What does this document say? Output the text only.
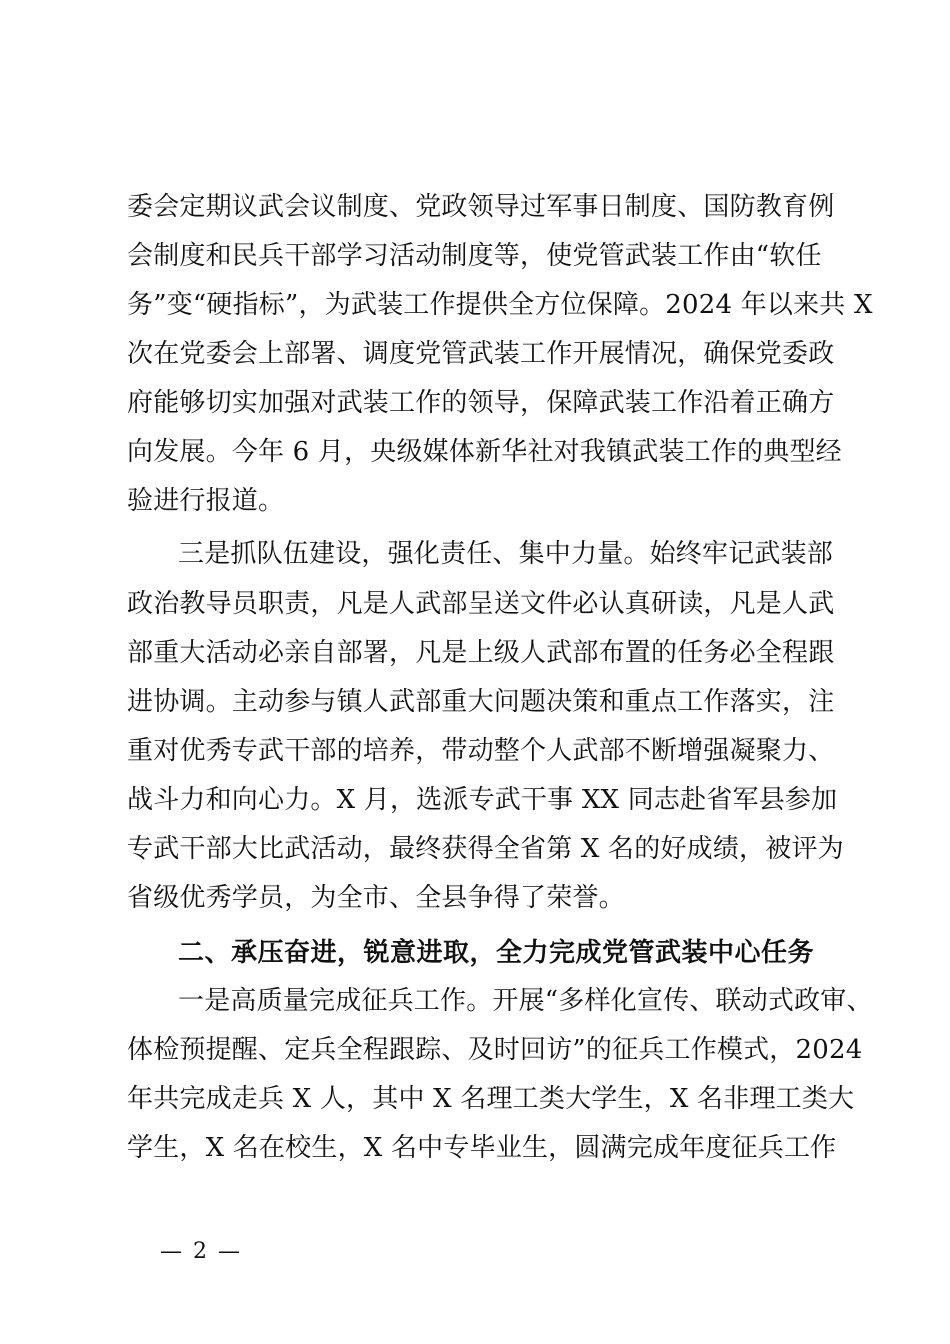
委会定期议武会议制度、党政领导过军事日制度、国防教育例
会制度和民兵干部学习活动制度等，使党管武装工作由“软任
务”变“硬指标”，为武装工作提供全方位保障。2024 年以来共 X
次在党委会上部署、调度党管武装工作开展情况，确保党委政
府能够切实加强对武装工作的领导，保障武装工作沿着正确方
向发展。今年 6 月，央级媒体新华社对我镇武装工作的典型经
验进行报道。
三是抓队伍建设，强化责任、集中力量。始终牢记武装部
政治教导员职责，凡是人武部呈送文件必认真研读，凡是人武
部重大活动必亲自部署，凡是上级人武部布置的任务必全程跟
进协调。主动参与镇人武部重大问题决策和重点工作落实，注
重对优秀专武干部的培养，带动整个人武部不断增强凝聚力、
战斗力和向心力。X 月，选派专武干事 XX 同志赴省军县参加
专武干部大比武活动，最终获得全省第 X 名的好成绩，被评为
省级优秀学员，为全市、全县争得了荣誉。
二、承压奋进，锐意进取，全力完成党管武装中心任务
一是高质量完成征兵工作。开展“多样化宣传、联动式政审、
体检预提醒、定兵全程跟踪、及时回访”的征兵工作模式，2024
年共完成走兵 X 人，其中 X 名理工类大学生，X 名非理工类大
学生，X 名在校生，X 名中专毕业生，圆满完成年度征兵工作
— 2 —
